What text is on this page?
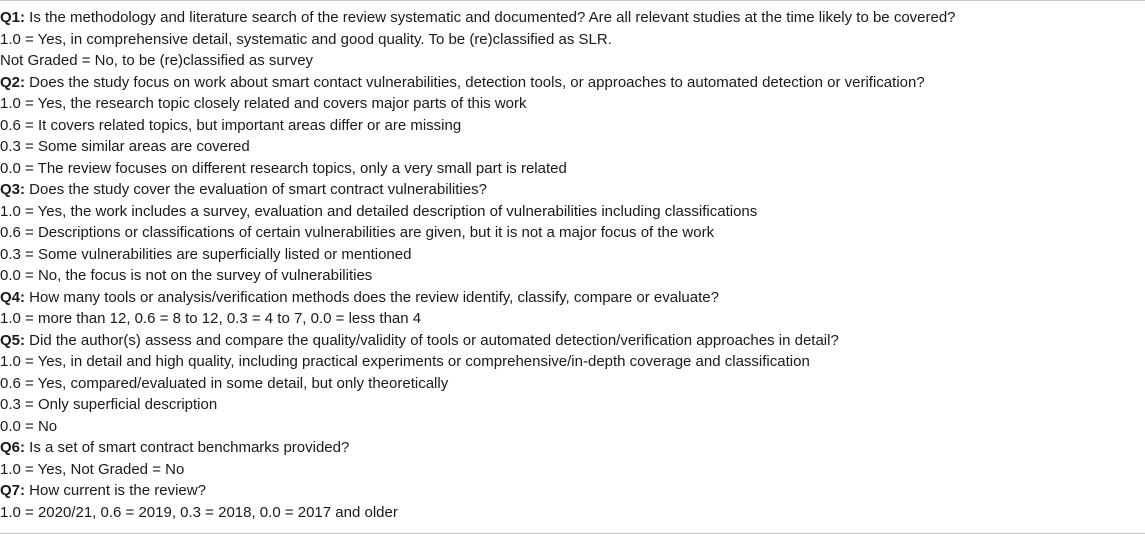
Q1: Is the methodology and literature search of the review systematic and documented? Are all relevant studies at the time likely to be covered?
1.0 = Yes, in comprehensive detail, systematic and good quality. To be (re)classified as SLR.
Not Graded = No, to be (re)classified as survey
Q2: Does the study focus on work about smart contact vulnerabilities, detection tools, or approaches to automated detection or verification?
1.0 = Yes, the research topic closely related and covers major parts of this work
0.6 = It covers related topics, but important areas differ or are missing
0.3 = Some similar areas are covered
0.0 = The review focuses on different research topics, only a very small part is related
Q3: Does the study cover the evaluation of smart contract vulnerabilities?
1.0 = Yes, the work includes a survey, evaluation and detailed description of vulnerabilities including classifications
0.6 = Descriptions or classifications of certain vulnerabilities are given, but it is not a major focus of the work
0.3 = Some vulnerabilities are superficially listed or mentioned
0.0 = No, the focus is not on the survey of vulnerabilities
Q4: How many tools or analysis/verification methods does the review identify, classify, compare or evaluate?
1.0 = more than 12, 0.6 = 8 to 12, 0.3 = 4 to 7, 0.0 = less than 4
Q5: Did the author(s) assess and compare the quality/validity of tools or automated detection/verification approaches in detail?
1.0 = Yes, in detail and high quality, including practical experiments or comprehensive/in-depth coverage and classification
0.6 = Yes, compared/evaluated in some detail, but only theoretically
0.3 = Only superficial description
0.0 = No
Q6: Is a set of smart contract benchmarks provided?
1.0 = Yes, Not Graded = No
Q7: How current is the review?
1.0 = 2020/21, 0.6 = 2019, 0.3 = 2018, 0.0 = 2017 and older
